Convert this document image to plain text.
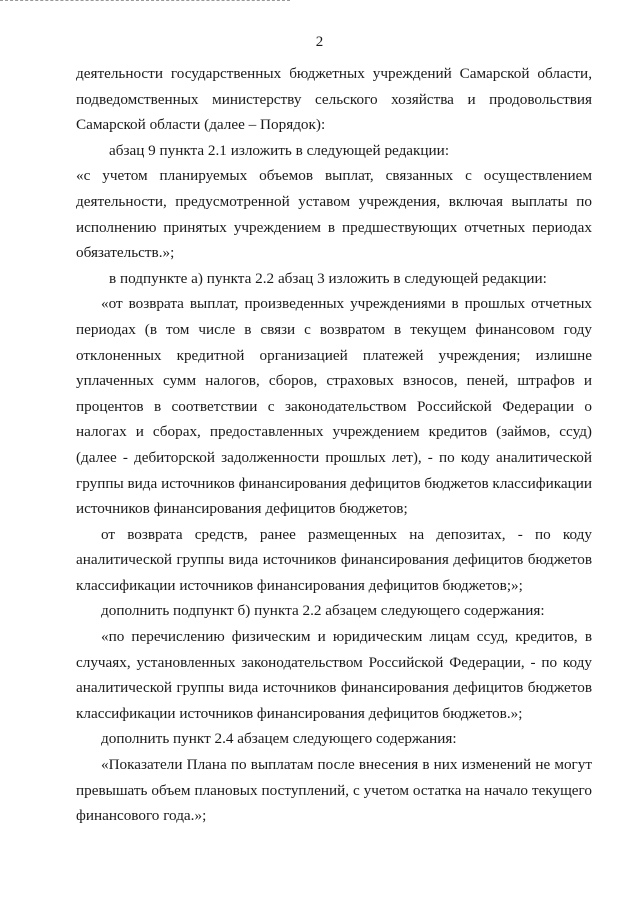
2

деятельности государственных бюджетных учреждений Самарской области, подведомственных министерству сельского хозяйства и продовольствия Самарской области (далее – Порядок):

абзац 9 пункта 2.1 изложить в следующей редакции:

«с учетом планируемых объемов выплат, связанных с осуществлением деятельности, предусмотренной уставом учреждения, включая выплаты по исполнению принятых учреждением в предшествующих отчетных периодах обязательств.»;

в подпункте а) пункта 2.2 абзац 3 изложить в следующей редакции:

«от возврата выплат, произведенных учреждениями в прошлых отчетных периодах (в том числе в связи с возвратом в текущем финансовом году отклоненных кредитной организацией платежей учреждения; излишне уплаченных сумм налогов, сборов, страховых взносов, пеней, штрафов и процентов в соответствии с законодательством Российской Федерации о налогах и сборах, предоставленных учреждением кредитов (займов, ссуд) (далее - дебиторской задолженности прошлых лет), - по коду аналитической группы вида источников финансирования дефицитов бюджетов классификации источников финансирования дефицитов бюджетов;

от возврата средств, ранее размещенных на депозитах, - по коду аналитической группы вида источников финансирования дефицитов бюджетов классификации источников финансирования дефицитов бюджетов;»;

дополнить подпункт б) пункта 2.2 абзацем следующего содержания:

«по перечислению физическим и юридическим лицам ссуд, кредитов, в случаях, установленных законодательством Российской Федерации, - по коду аналитической группы вида источников финансирования дефицитов бюджетов классификации источников финансирования дефицитов бюджетов.»;

дополнить пункт 2.4 абзацем следующего содержания:

«Показатели Плана по выплатам после внесения в них изменений не могут превышать объем плановых поступлений, с учетом остатка на начало текущего финансового года.»;
